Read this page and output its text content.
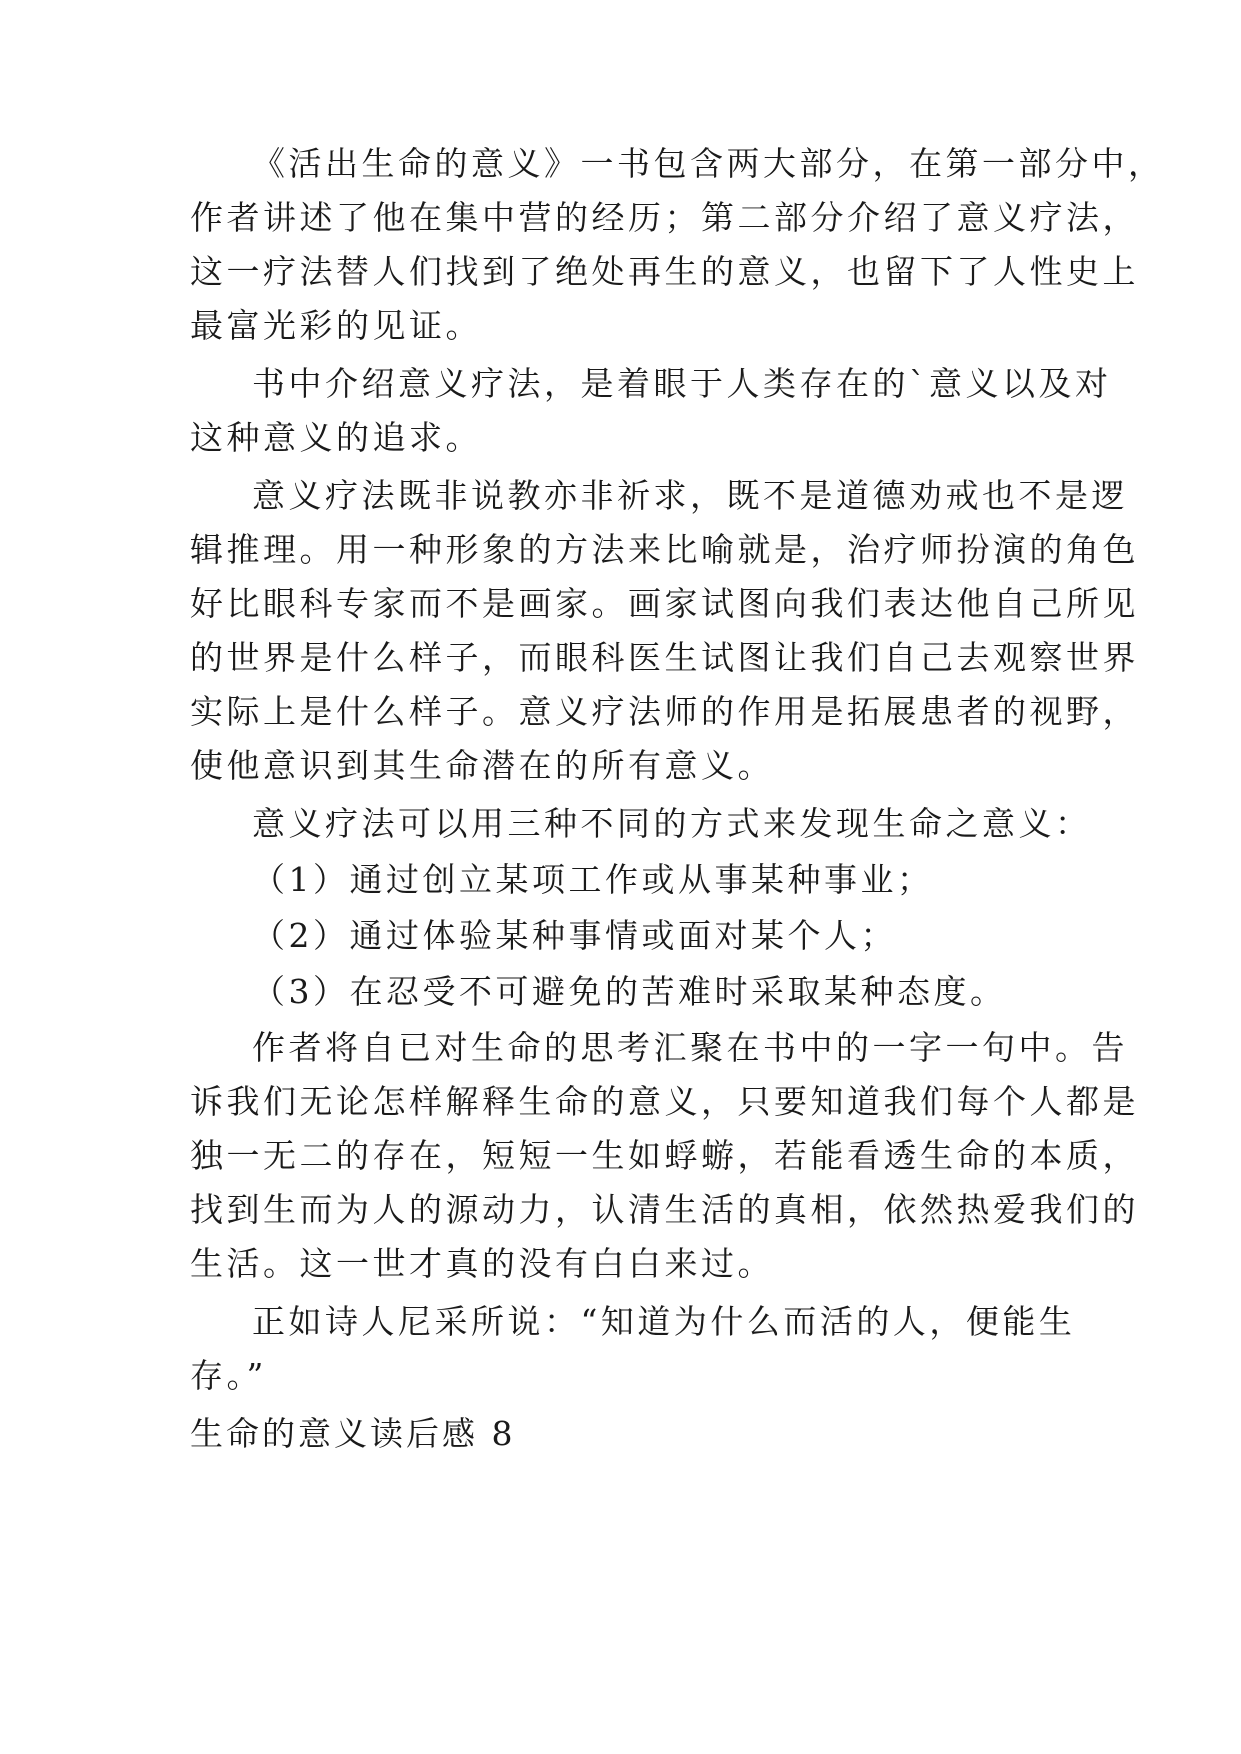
《活出生命的意义》一书包含两大部分，在第一部分中，
作者讲述了他在集中营的经历；第二部分介绍了意义疗法，
这一疗法替人们找到了绝处再生的意义，也留下了人性史上
最富光彩的见证。
书中介绍意义疗法，是着眼于人类存在的`意义以及对
这种意义的追求。
意义疗法既非说教亦非祈求，既不是道德劝戒也不是逻
辑推理。用一种形象的方法来比喻就是，治疗师扮演的角色
好比眼科专家而不是画家。画家试图向我们表达他自己所见
的世界是什么样子，而眼科医生试图让我们自己去观察世界
实际上是什么样子。意义疗法师的作用是拓展患者的视野，
使他意识到其生命潜在的所有意义。
意义疗法可以用三种不同的方式来发现生命之意义：
（1）通过创立某项工作或从事某种事业；
（2）通过体验某种事情或面对某个人；
（3）在忍受不可避免的苦难时采取某种态度。
作者将自已对生命的思考汇聚在书中的一字一句中。告
诉我们无论怎样解释生命的意义，只要知道我们每个人都是
独一无二的存在，短短一生如蜉蝣，若能看透生命的本质，
找到生而为人的源动力，认清生活的真相，依然热爱我们的
生活。这一世才真的没有白白来过。
正如诗人尼采所说：“知道为什么而活的人，便能生
存。”
生命的意义读后感 8
